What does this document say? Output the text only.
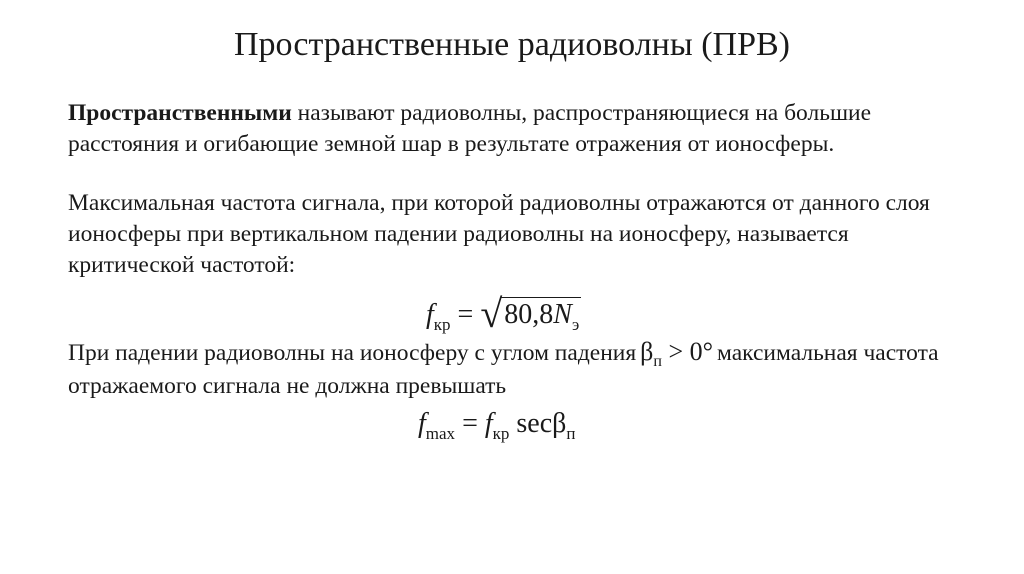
Пространственные радиоволны (ПРВ)

Пространственными называют радиоволны, распространяющиеся на большие расстояния и огибающие земной шар в результате отражения от ионосферы.

Максимальная частота сигнала, при которой радиоволны отражаются от данного слоя ионосферы при вертикальном падении радиоволны на ионосферу, называется критической частотой:

$f_{кр} = √80,8N_э$

При падении радиоволны на ионосферу с углом падения $\beta_п > 0^\circ$ максимальная частота отражаемого сигнала не должна превышать

$f_{max} = f_{кр}$ secβ$_п$
